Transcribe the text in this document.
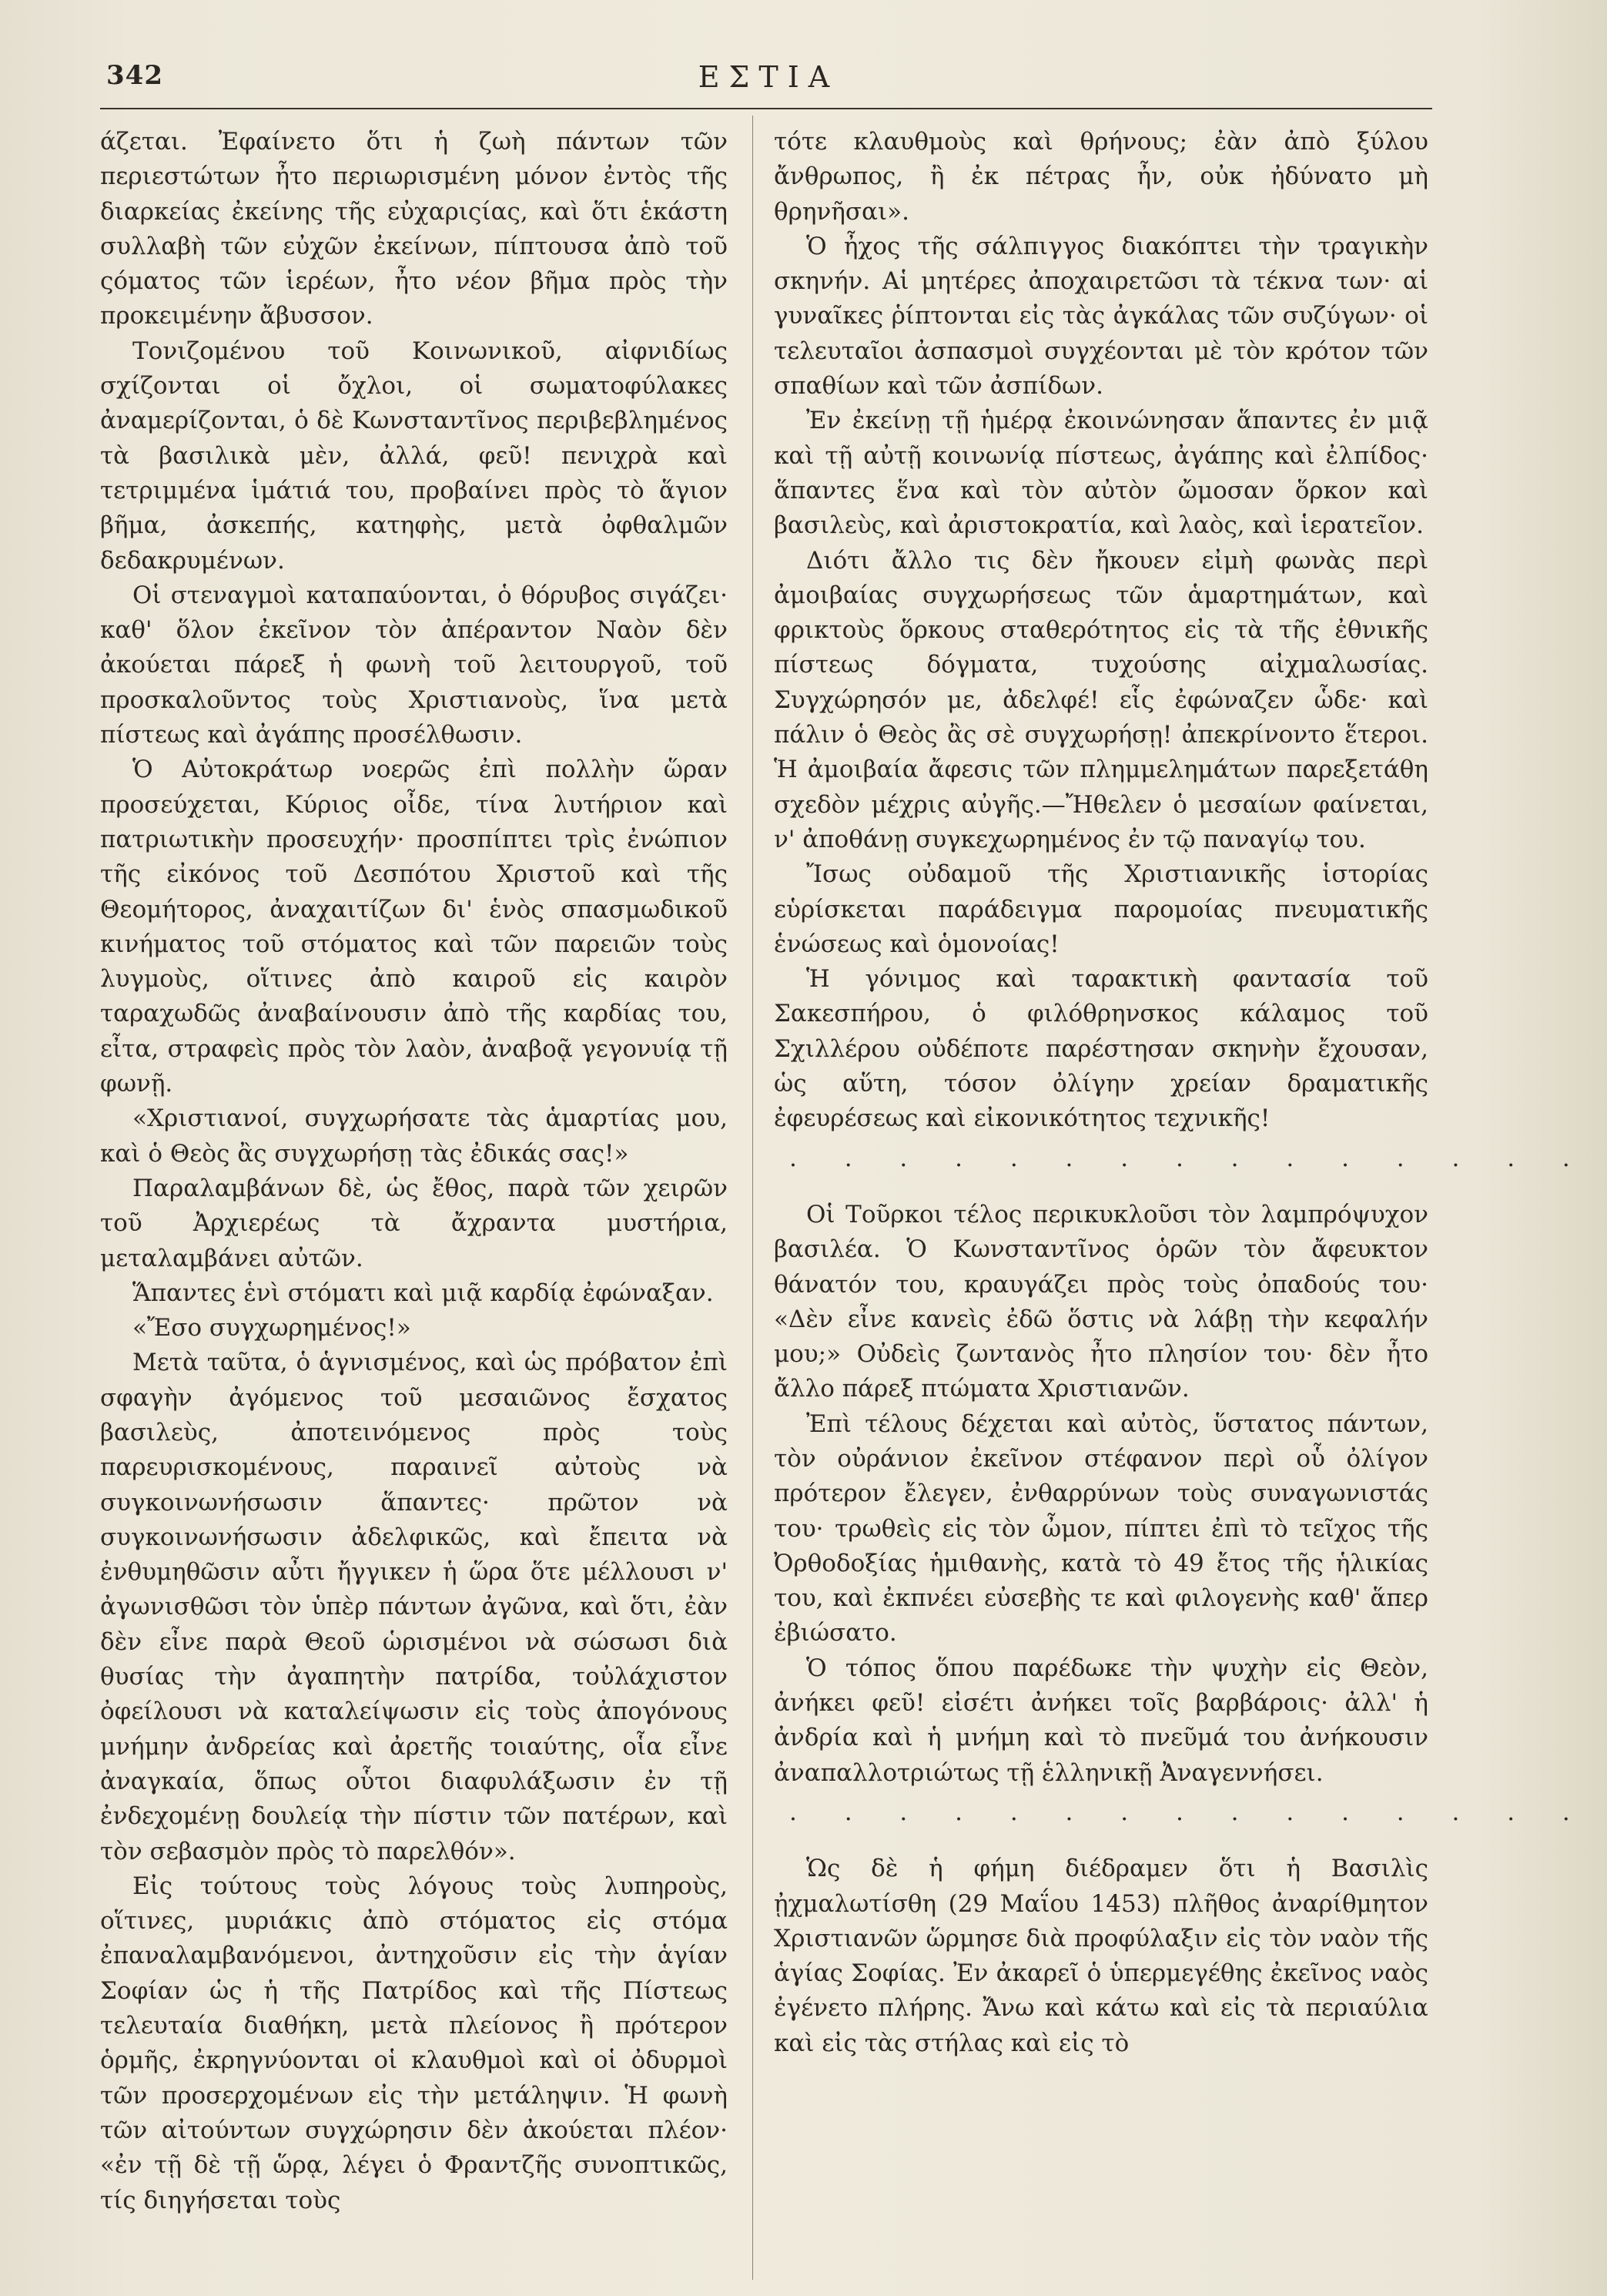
342	ΕΣΤΙΑ

άζεται. Ἐφαίνετο ὅτι ἡ ζωὴ πάντων τῶν περιεστώτων ἦτο περιωρισμένη μόνον ἐντὸς τῆς διαρκείας ἐκείνης τῆς εὐχαριςίας, καὶ ὅτι ἑκάστη συλλαβὴ τῶν εὐχῶν ἐκείνων, πίπτουσα ἀπὸ τοῦ ςόματος τῶν ἱερέων, ἦτο νέον βῆμα πρὸς τὴν προκειμένην ἄβυσσον.

Τονιζομένου τοῦ Κοινωνικοῦ, αἰφνιδίως σχίζονται οἱ ὄχλοι, οἱ σωματοφύλακες ἀναμερίζονται, ὁ δὲ Κωνσταντῖνος περιβεβλημένος τὰ βασιλικὰ μὲν, ἀλλά, φεῦ! πενιχρὰ καὶ τετριμμένα ἱμάτιά του, προβαίνει πρὸς τὸ ἅγιον βῆμα, ἀσκεπής, κατηφὴς, μετὰ ὀφθαλμῶν δεδακρυμένων.

Οἱ στεναγμοὶ καταπαύονται, ὁ θόρυβος σιγάζει· καθ' ὅλον ἐκεῖνον τὸν ἀπέραντον Ναὸν δὲν ἀκούεται πάρεξ ἡ φωνὴ τοῦ λειτουργοῦ, τοῦ προσκαλοῦντος τοὺς Χριστιανοὺς, ἵνα μετὰ πίστεως καὶ ἀγάπης προσέλθωσιν.

Ὁ Αὐτοκράτωρ νοερῶς ἐπὶ πολλὴν ὥραν προσεύχεται, Κύριος οἶδε, τίνα λυτήριον καὶ πατριωτικὴν προσευχήν· προσπίπτει τρὶς ἐνώπιον τῆς εἰκόνος τοῦ Δεσπότου Χριστοῦ καὶ τῆς Θεομήτορος, ἀναχαιτίζων δι' ἑνὸς σπασμωδικοῦ κινήματος τοῦ στόματος καὶ τῶν παρειῶν τοὺς λυγμοὺς, οἵτινες ἀπὸ καιροῦ εἰς καιρὸν ταραχωδῶς ἀναβαίνουσιν ἀπὸ τῆς καρδίας του, εἶτα, στραφεὶς πρὸς τὸν λαὸν, ἀναβοᾷ γεγονυίᾳ τῇ φωνῇ.

«Χριστιανοί, συγχωρήσατε τὰς ἁμαρτίας μου, καὶ ὁ Θεὸς ἂς συγχωρήσῃ τὰς ἐδικάς σας!»

Παραλαμβάνων δὲ, ὡς ἔθος, παρὰ τῶν χειρῶν τοῦ Ἀρχιερέως τὰ ἄχραντα μυστήρια, μεταλαμβάνει αὐτῶν.

Ἅπαντες ἑνὶ στόματι καὶ μιᾷ καρδίᾳ ἐφώναξαν.

«Ἔσο συγχωρημένος!»

Μετὰ ταῦτα, ὁ ἁγνισμένος, καὶ ὡς πρόβατον ἐπὶ σφαγὴν ἀγόμενος τοῦ μεσαιῶνος ἔσχατος βασιλεὺς, ἀποτεινόμενος πρὸς τοὺς παρευρισκομένους, παραινεῖ αὐτοὺς νὰ συγκοινωνήσωσιν ἅπαντες· πρῶτον νὰ συγκοινωνήσωσιν ἀδελφικῶς, καὶ ἔπειτα νὰ ἐνθυμηθῶσιν αὖτι ἤγγικεν ἡ ὥρα ὅτε μέλλουσι ν' ἀγωνισθῶσι τὸν ὑπὲρ πάντων ἀγῶνα, καὶ ὅτι, ἐὰν δὲν εἶνε παρὰ Θεοῦ ὡρισμένοι νὰ σώσωσι διὰ θυσίας τὴν ἀγαπητὴν πατρίδα, τοὐλάχιστον ὀφείλουσι νὰ καταλείψωσιν εἰς τοὺς ἀπογόνους μνήμην ἀνδρείας καὶ ἀρετῆς τοιαύτης, οἷα εἶνε ἀναγκαία, ὅπως οὗτοι διαφυλάξωσιν ἐν τῇ ἐνδεχομένῃ δουλείᾳ τὴν πίστιν τῶν πατέρων, καὶ τὸν σεβασμὸν πρὸς τὸ παρελθόν».

Εἰς τούτους τοὺς λόγους τοὺς λυπηροὺς, οἵτινες, μυριάκις ἀπὸ στόματος εἰς στόμα ἐπαναλαμβανόμενοι, ἀντηχοῦσιν εἰς τὴν ἁγίαν Σοφίαν ὡς ἡ τῆς Πατρίδος καὶ τῆς Πίστεως τελευταία διαθήκη, μετὰ πλείονος ἢ πρότερον ὁρμῆς, ἐκρηγνύονται οἱ κλαυθμοὶ καὶ οἱ ὀδυρμοὶ τῶν προσερχομένων εἰς τὴν μετάληψιν. Ἡ φωνὴ τῶν αἰτούντων συγχώρησιν δὲν ἀκούεται πλέον· «ἐν τῇ δὲ τῇ ὥρᾳ, λέγει ὁ Φραντζῆς συνοπτικῶς, τίς διηγήσεται τοὺς

τότε κλαυθμοὺς καὶ θρήνους; ἐὰν ἀπὸ ξύλου ἄνθρωπος, ἢ ἐκ πέτρας ἦν, οὐκ ἠδύνατο μὴ θρηνῆσαι».

Ὁ ἦχος τῆς σάλπιγγος διακόπτει τὴν τραγικὴν σκηνήν. Αἱ μητέρες ἀποχαιρετῶσι τὰ τέκνα των· αἱ γυναῖκες ῥίπτονται εἰς τὰς ἀγκάλας τῶν συζύγων· οἱ τελευταῖοι ἀσπασμοὶ συγχέονται μὲ τὸν κρότον τῶν σπαθίων καὶ τῶν ἀσπίδων.

Ἐν ἐκείνῃ τῇ ἡμέρᾳ ἐκοινώνησαν ἅπαντες ἐν μιᾷ καὶ τῇ αὐτῇ κοινωνίᾳ πίστεως, ἀγάπης καὶ ἐλπίδος· ἅπαντες ἕνα καὶ τὸν αὐτὸν ὤμοσαν ὅρκον καὶ βασιλεὺς, καὶ ἀριστοκρατία, καὶ λαὸς, καὶ ἱερατεῖον.

Διότι ἄλλο τις δὲν ἤκουεν εἰμὴ φωνὰς περὶ ἀμοιβαίας συγχωρήσεως τῶν ἁμαρτημάτων, καὶ φρικτοὺς ὅρκους σταθερότητος εἰς τὰ τῆς ἐθνικῆς πίστεως δόγματα, τυχούσης αἰχμαλωσίας. Συγχώρησόν με, ἀδελφέ! εἷς ἐφώναζεν ὧδε· καὶ πάλιν ὁ Θεὸς ἂς σὲ συγχωρήσῃ! ἀπεκρίνοντο ἕτεροι. Ἡ ἀμοιβαία ἄφεσις τῶν πλημμελημάτων παρεξετάθη σχεδὸν μέχρις αὐγῆς.—Ἤθελεν ὁ μεσαίων φαίνεται, ν' ἀποθάνῃ συγκεχωρημένος ἐν τῷ παναγίῳ του.

Ἴσως οὐδαμοῦ τῆς Χριστιανικῆς ἱστορίας εὑρίσκεται παράδειγμα παρομοίας πνευματικῆς ἑνώσεως καὶ ὁμονοίας!

Ἡ γόνιμος καὶ ταρακτικὴ φαντασία τοῦ Σακεσπήρου, ὁ φιλόθρηνσκος κάλαμος τοῦ Σχιλλέρου οὐδέποτε παρέστησαν σκηνὴν ἔχουσαν, ὡς αὕτη, τόσον ὀλίγην χρείαν δραματικῆς ἐφευρέσεως καὶ εἰκονικότητος τεχνικῆς!

. . . . . . . . . . . . . . .

Οἱ Τοῦρκοι τέλος περικυκλοῦσι τὸν λαμπρόψυχον βασιλέα. Ὁ Κωνσταντῖνος ὁρῶν τὸν ἄφευκτον θάνατόν του, κραυγάζει πρὸς τοὺς ὀπαδούς του· «Δὲν εἶνε κανεὶς ἐδῶ ὅστις νὰ λάβῃ τὴν κεφαλήν μου;» Οὐδεὶς ζωντανὸς ἦτο πλησίον του· δὲν ἦτο ἄλλο πάρεξ πτώματα Χριστιανῶν.

Ἐπὶ τέλους δέχεται καὶ αὐτὸς, ὕστατος πάντων, τὸν οὐράνιον ἐκεῖνον στέφανον περὶ οὗ ὀλίγον πρότερον ἔλεγεν, ἐνθαρρύνων τοὺς συναγωνιστάς του· τρωθεὶς εἰς τὸν ὦμον, πίπτει ἐπὶ τὸ τεῖχος τῆς Ὀρθοδοξίας ἡμιθανὴς, κατὰ τὸ 49 ἔτος τῆς ἡλικίας του, καὶ ἐκπνέει εὐσεβὴς τε καὶ φιλογενὴς καθ' ἅπερ ἐβιώσατο.

Ὁ τόπος ὅπου παρέδωκε τὴν ψυχὴν εἰς Θεὸν, ἀνήκει φεῦ! εἰσέτι ἀνήκει τοῖς βαρβάροις· ἀλλ' ἡ ἀνδρία καὶ ἡ μνήμη καὶ τὸ πνεῦμά του ἀνήκουσιν ἀναπαλλοτριώτως τῇ ἑλληνικῇ Ἀναγεννήσει.

. . . . . . . . . . . . . . .

Ὡς δὲ ἡ φήμη διέδραμεν ὅτι ἡ Βασιλὶς ᾐχμαλωτίσθη (29 Μαΐου 1453) πλῆθος ἀναρίθμητον Χριστιανῶν ὥρμησε διὰ προφύλαξιν εἰς τὸν ναὸν τῆς ἁγίας Σοφίας. Ἐν ἀκαρεῖ ὁ ὑπερμεγέθης ἐκεῖνος ναὸς ἐγένετο πλήρης. Ἄνω καὶ κάτω καὶ εἰς τὰ περιαύλια καὶ εἰς τὰς στήλας καὶ εἰς τὸ
